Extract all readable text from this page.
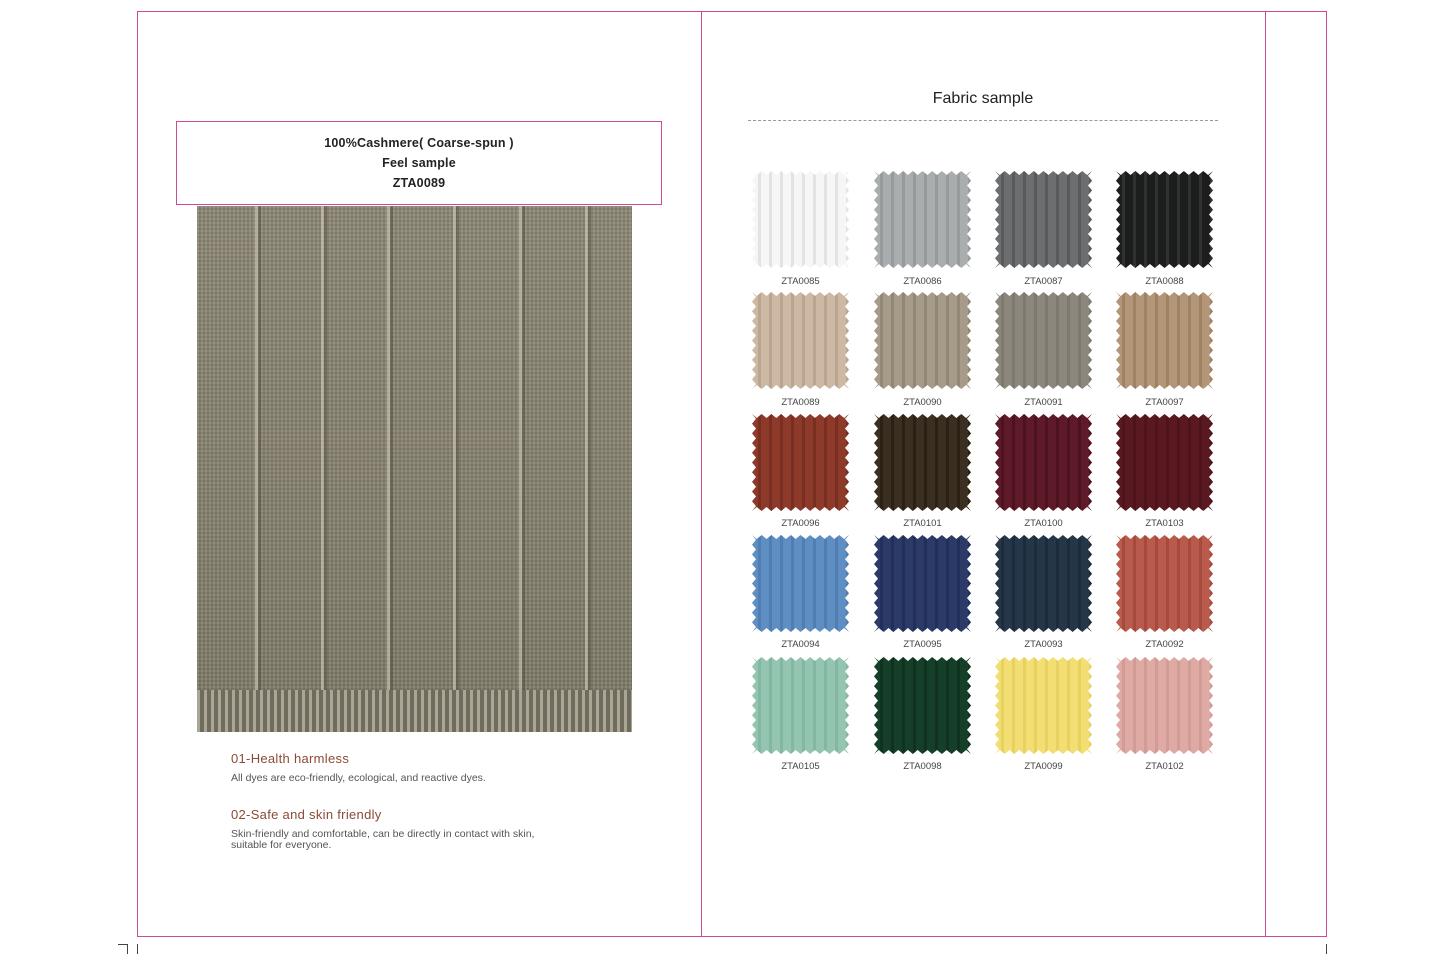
100%Cashmere( Coarse-spun )
Feel sample
ZTA0089
01-Health harmless
All dyes are eco-friendly, ecological, and reactive dyes.
02-Safe and skin friendly
Skin-friendly and comfortable, can be directly in contact with skin,
suitable for everyone.
Fabric sample
ZTA0085	ZTA0086	ZTA0087	ZTA0088
ZTA0089	ZTA0090	ZTA0091	ZTA0097
ZTA0096	ZTA0101	ZTA0100	ZTA0103
ZTA0094	ZTA0095	ZTA0093	ZTA0092
ZTA0105	ZTA0098	ZTA0099	ZTA0102
